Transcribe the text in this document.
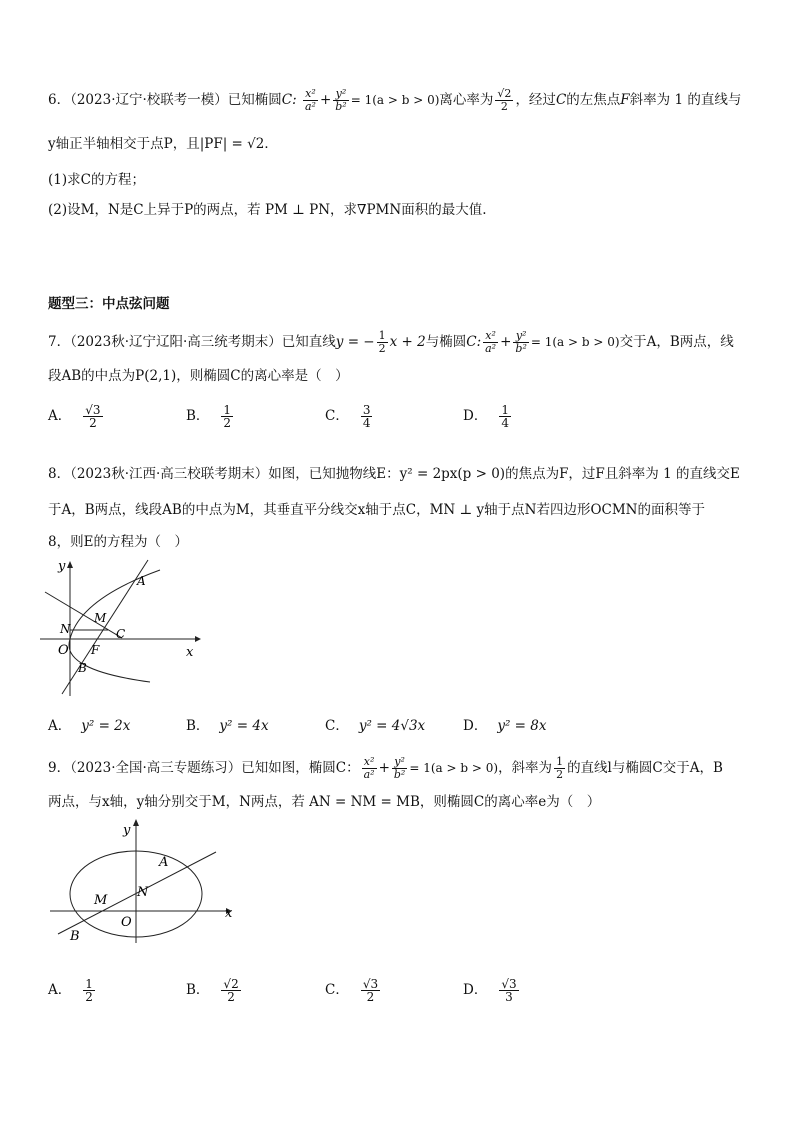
6．（2023·辽宁·校联考一模）已知椭圆C: $\frac{\text{x²}}{\text{a²}} + \frac{\text{y²}}{\text{b²}} = 1(a > b > 0)$离心率为 $\frac{√2}{2}$ ，经过C的左焦点F斜率为 1 的直线与
y轴正半轴相交于点P，且|PF| = √2．
(1)求C的方程；
(2)设M，N是C上异于P的两点，若 PM ⊥ PN，求∇PMN面积的最大值.
题型三：中点弦问题
7．（2023秋·辽宁辽阳·高三统考期末）已知直线y = − $\frac{1}{2}$ x + 2与椭圆C: $\frac{\text{x²}}{\text{a²}} + \frac{\text{y²}}{\text{b²}} = 1(a > b > 0)$交于A，B两点，线
段AB的中点为P(2,1)，则椭圆C的离心率是（　）
A． $\frac{√3}{2}$	B． $\frac{1}{2}$	C． $\frac{3}{4}$	D． $\frac{1}{4}$
8．（2023秋·江西·高三校联考期末）如图，已知抛物线E：y² = 2px(p > 0)的焦点为F，过F且斜率为 1 的直线交E
于A，B两点，线段AB的中点为M，其垂直平分线交x轴于点C，MN ⊥ y轴于点N若四边形OCMN的面积等于
8，则E的方程为（　）
y
x
A
M
N	C
O F
B
A． y² = 2x	B． y² = 4x	C． y² = 4√3x	D． y² = 8x
9．（2023·全国·高三专题练习）已知如图，椭圆C： $\frac{\text{x²}}{\text{a²}} + \frac{\text{y²}}{\text{b²}} = 1(a > b > 0)$，斜率为 $\frac{1}{2}$ 的直线l与椭圆C交于A，B
两点，与x轴，y轴分别交于M，N两点，若 AN = NM = MB，则椭圆C的离心率e为（　）
y
x
A
M
N
O
B
A． $\frac{1}{2}$	B． $\frac{√2}{2}$	C． $\frac{√3}{2}$	D． $\frac{√3}{3}$
